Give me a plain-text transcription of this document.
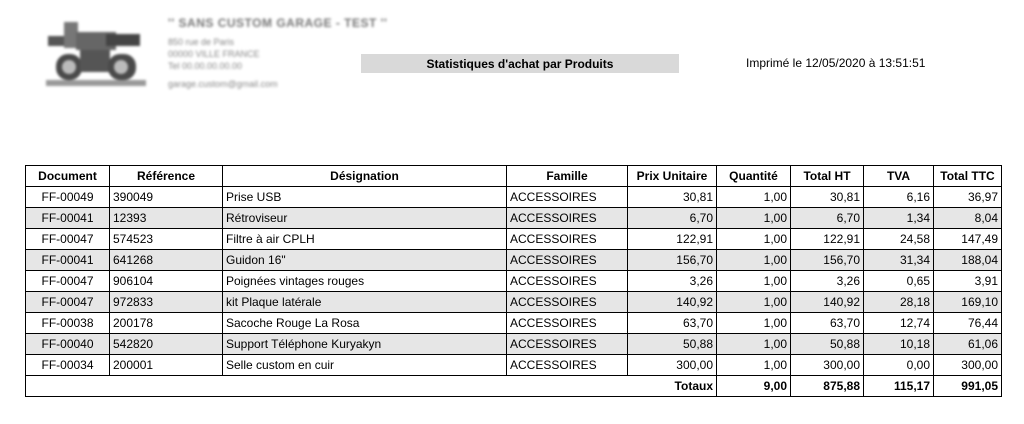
'' SANS CUSTOM GARAGE - TEST ''
850 rue de Paris
00000 VILLE FRANCE
Tel 00.00.00.00.00
garage.custom@gmail.com
Statistiques d'achat par Produits	Imprimé le 12/05/2020 à 13:51:51
Document	Référence	Désignation	Famille	Prix Unitaire	Quantité	Total HT	TVA	Total TTC
FF-00049	390049	Prise USB	ACCESSOIRES	30,81	1,00	30,81	6,16	36,97
FF-00041	12393	Rétroviseur	ACCESSOIRES	6,70	1,00	6,70	1,34	8,04
FF-00047	574523	Filtre à air CPLH	ACCESSOIRES	122,91	1,00	122,91	24,58	147,49
FF-00041	641268	Guidon 16"	ACCESSOIRES	156,70	1,00	156,70	31,34	188,04
FF-00047	906104	Poignées vintages rouges	ACCESSOIRES	3,26	1,00	3,26	0,65	3,91
FF-00047	972833	kit Plaque latérale	ACCESSOIRES	140,92	1,00	140,92	28,18	169,10
FF-00038	200178	Sacoche Rouge La Rosa	ACCESSOIRES	63,70	1,00	63,70	12,74	76,44
FF-00040	542820	Support Téléphone Kuryakyn	ACCESSOIRES	50,88	1,00	50,88	10,18	61,06
FF-00034	200001	Selle custom en cuir	ACCESSOIRES	300,00	1,00	300,00	0,00	300,00
Totaux					9,00	875,88	115,17	991,05
